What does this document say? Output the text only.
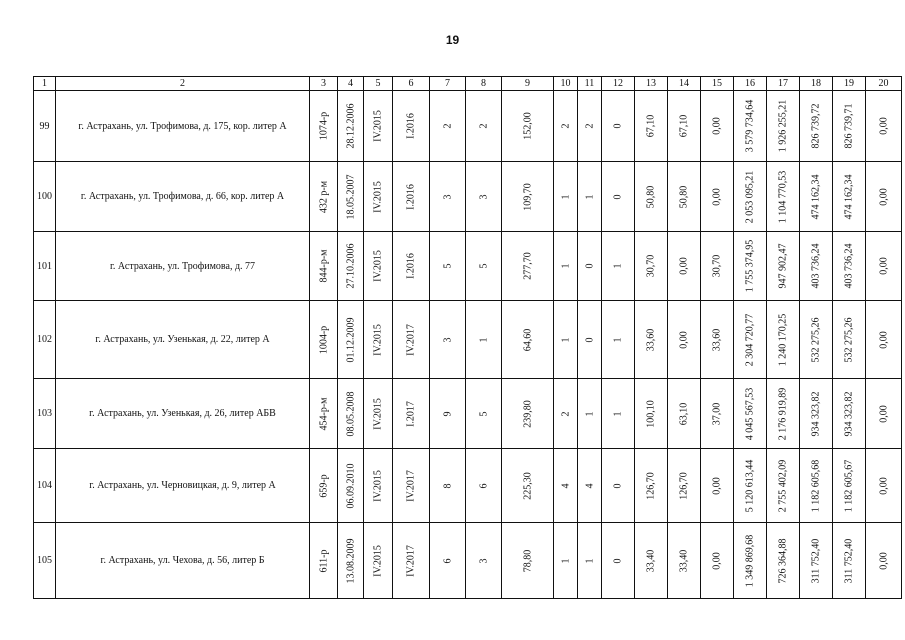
19
1	2	3	4	5	6	7	8	9	10	11	12	13	14	15	16	17	18	19	20
99	г. Астрахань, ул. Трофимова, д. 175, кор. литер А	1074-р	28.12.2006	IV.2015	I.2016	2	2	152,00	2	2	0	67,10	67,10	0,00	3 579 734,64	1 926 255,21	826 739,72	826 739,71	0,00

100	г. Астрахань, ул. Трофимова, д. 66, кор. литер А	432 р-м	18.05.2007	IV.2015	I.2016	3	3	109,70	1	1	0	50,80	50,80	0,00	2 053 095,21	1 104 770,53	474 162,34	474 162,34	0,00

101	г. Астрахань, ул. Трофимова, д. 77	844-р-м	27.10.2006	IV.2015	I.2016	5	5	277,70	1	0	1	30,70	0,00	30,70	1 755 374,95	947 902,47	403 736,24	403 736,24	0,00

102	г. Астрахань, ул. Узенькая, д. 22, литер А	1004-р	01.12.2009	IV.2015	IV.2017	3	1	64,60	1	0	1	33,60	0,00	33,60	2 304 720,77	1 240 170,25	532 275,26	532 275,26	0,00

103	г. Астрахань, ул. Узенькая, д. 26, литер АБВ	454-р-м	08.05.2008	IV.2015	I.2017	9	5	239,80	2	1	1	100,10	63,10	37,00	4 045 567,53	2 176 919,89	934 323,82	934 323,82	0,00

104	г. Астрахань, ул. Черновицкая, д. 9, литер А	659-р	06.09.2010	IV.2015	IV.2017	8	6	225,30	4	4	0	126,70	126,70	0,00	5 120 613,44	2 755 402,09	1 182 605,68	1 182 605,67	0,00

105	г. Астрахань, ул. Чехова, д. 56, литер Б	611-р	13.08.2009	IV.2015	IV.2017	6	3	78,80	1	1	0	33,40	33,40	0,00	1 349 869,68	726 364,88	311 752,40	311 752,40	0,00
